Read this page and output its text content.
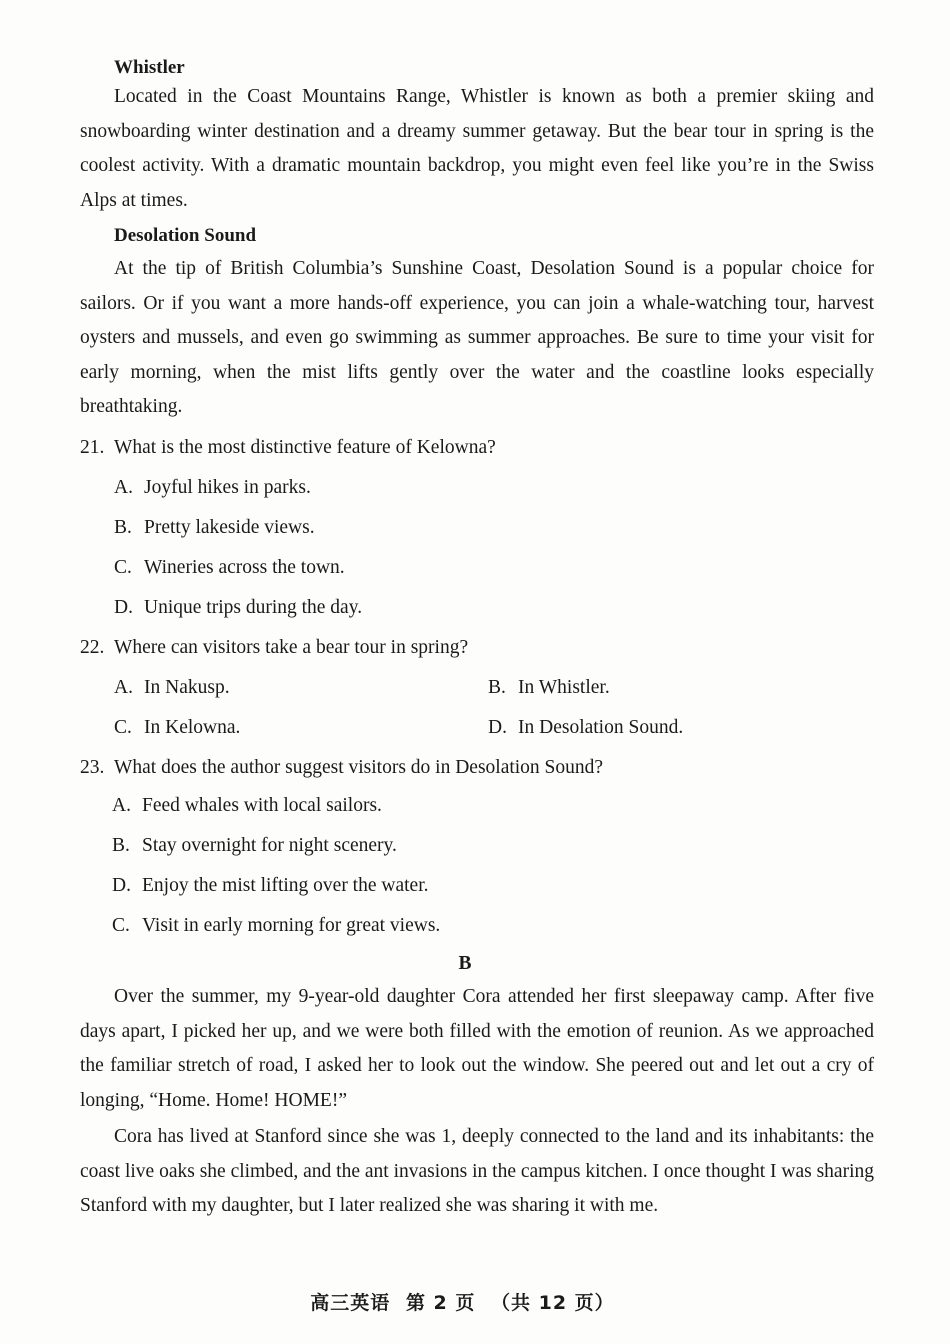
Whistler

Located in the Coast Mountains Range, Whistler is known as both a premier skiing and snowboarding winter destination and a dreamy summer getaway. But the bear tour in spring is the coolest activity. With a dramatic mountain backdrop, you might even feel like you’re in the Swiss Alps at times.

Desolation Sound

At the tip of British Columbia’s Sunshine Coast, Desolation Sound is a popular choice for sailors. Or if you want a more hands-off experience, you can join a whale-watching tour, harvest oysters and mussels, and even go swimming as summer approaches. Be sure to time your visit for early morning, when the mist lifts gently over the water and the coastline looks especially breathtaking.

21. What is the most distinctive feature of Kelowna?

A. Joyful hikes in parks.

B. Pretty lakeside views.

C. Wineries across the town.

D. Unique trips during the day.

22. Where can visitors take a bear tour in spring?

A. In Nakusp.	B. In Whistler.

C. In Kelowna.	D. In Desolation Sound.

23. What does the author suggest visitors do in Desolation Sound?

A. Feed whales with local sailors.

B. Stay overnight for night scenery.

D. Enjoy the mist lifting over the water.

C. Visit in early morning for great views.

B

Over the summer, my 9-year-old daughter Cora attended her first sleepaway camp. After five days apart, I picked her up, and we were both filled with the emotion of reunion. As we approached the familiar stretch of road, I asked her to look out the window. She peered out and let out a cry of longing, “Home. Home! HOME!”

Cora has lived at Stanford since she was 1, deeply connected to the land and its inhabitants: the coast live oaks she climbed, and the ant invasions in the campus kitchen. I once thought I was sharing Stanford with my daughter, but I later realized she was sharing it with me.

高三英语 第 2 页 （共 12 页）
